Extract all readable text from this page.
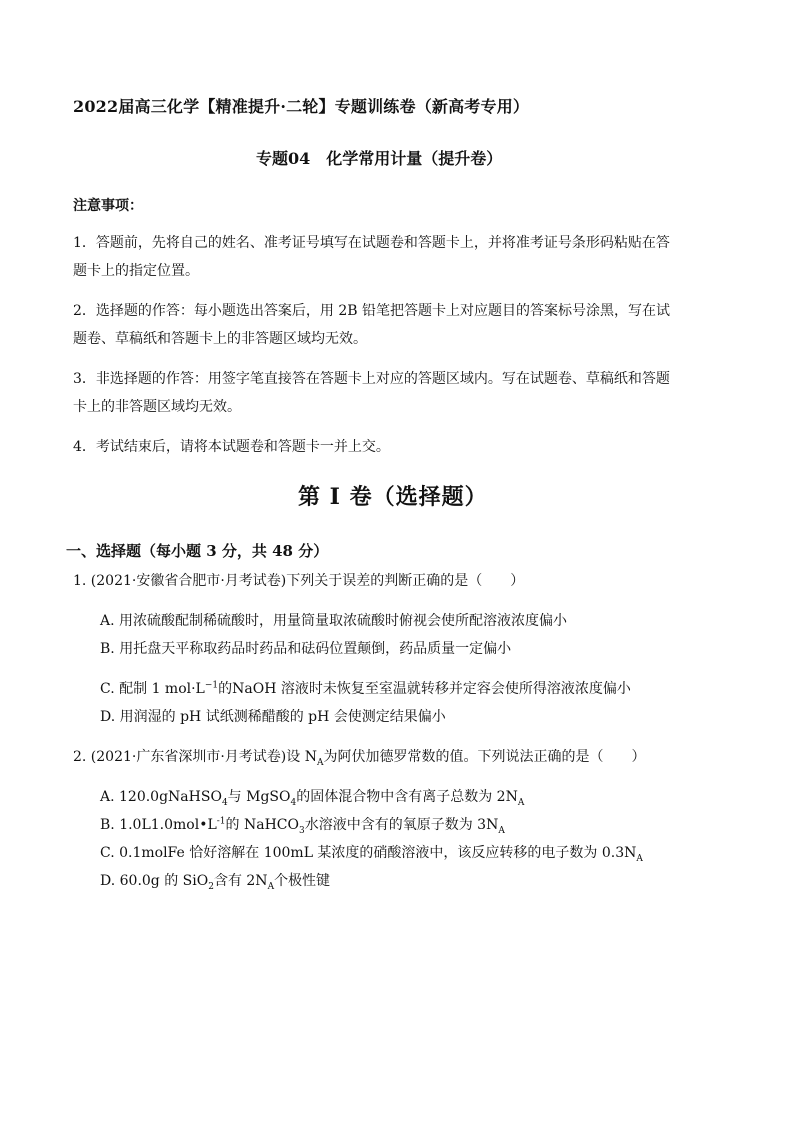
2022届高三化学【精准提升·二轮】专题训练卷（新高考专用）
专题04 化学常用计量（提升卷）
注意事项：
1．答题前，先将自己的姓名、准考证号填写在试题卷和答题卡上，并将准考证号条形码粘贴在答
题卡上的指定位置。
2．选择题的作答：每小题选出答案后，用 2B 铅笔把答题卡上对应题目的答案标号涂黑，写在试
题卷、草稿纸和答题卡上的非答题区域均无效。
3．非选择题的作答：用签字笔直接答在答题卡上对应的答题区域内。写在试题卷、草稿纸和答题
卡上的非答题区域均无效。
4．考试结束后，请将本试题卷和答题卡一并上交。
第 I 卷（选择题）
一、选择题（每小题 3 分，共 48 分）
1. (2021·安徽省合肥市·月考试卷)下列关于误差的判断正确的是（　　）
A. 用浓硫酸配制稀硫酸时，用量筒量取浓硫酸时俯视会使所配溶液浓度偏小
B. 用托盘天平称取药品时药品和砝码位置颠倒，药品质量一定偏小
C. 配制 1 $mol\cdot L^{-1}$的NaOH 溶液时未恢复至室温就转移并定容会使所得溶液浓度偏小
D. 用润湿的 pH 试纸测稀醋酸的 pH 会使测定结果偏小
2. (2021·广东省深圳市·月考试卷)设 $N_A$为阿伏加德罗常数的值。下列说法正确的是（　　）
A. 120.0gNaHSO$_4$与 MgSO$_4$的固体混合物中含有离子总数为 $2N_A$
B. $1.0L1.0mol•L^{-1}$的 NaHCO$_3$水溶液中含有的氧原子数为 $3N_A$
C. 0.1molFe 恰好溶解在 100mL 某浓度的硝酸溶液中，该反应转移的电子数为 $0.3N_A$
D. 60.0g 的 SiO$_2$含有 $2N_A$个极性键
